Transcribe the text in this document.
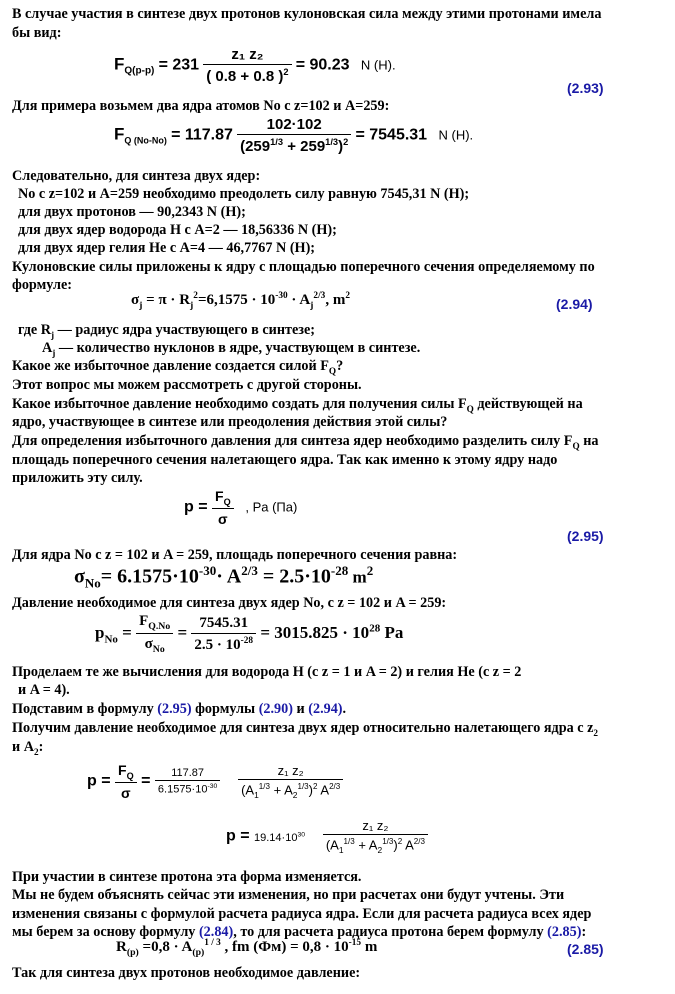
В случае участия в синтезе двух протонов кулоновская сила между этими протонами имела
бы вид:
$F_{Q(p-p)} = 231 \frac{\text{z₁ z₂}}{( 0.8 + 0.8 )^2} = 90.23$ N (H).
(2.93)
Для примера возьмем два ядра атомов No с z=102 и A=259:
$F_{Q (No-No)} = 117.87 \frac{102\cdot 102}{(259^{1/3} + 259^{1/3})^2} = 7545.31$ N (H).
Следовательно, для синтеза двух ядер:
No с z=102 и A=259 необходимо преодолеть силу равную 7545,31 N (Н);
для двух протонов — 90,2343 N (Н);
для двух ядер водорода H с A=2 — 18,56336 N (Н);
для двух ядер гелия He с A=4 — 46,7767 N (Н);
Кулоновские силы приложены к ядру с площадью поперечного сечения определяемому по
формуле:
$\sigma_j = \pi \cdot R_j^2=6,1575 \cdot 10^{-30} \cdot A_j^{2/3}$, $m^2$	(2.94)
где $R_j$ — радиус ядра участвующего в синтезе;
$A_j$ — количество нуклонов в ядре, участвующем в синтезе.
Какое же избыточное давление создается силой $F_Q$?
Этот вопрос мы можем рассмотреть с другой стороны.
Какое избыточное давление необходимо создать для получения силы $F_Q$ действующей на
ядро, участвующее в синтезе или преодоления действия этой силы?
Для определения избыточного давления для синтеза ядер необходимо разделить силу $F_Q$ на
площадь поперечного сечения налетающего ядра. Так как именно к этому ядру надо
приложить эту силу.
$p = \frac{F_Q}{\sigma}$ , Pa (Па)
(2.95)
Для ядра No с z = 102 и A = 259, площадь поперечного сечения равна:
$\sigma_{No}= 6.1575\cdot 10^{-30}\cdot A^{2/3} = 2.5\cdot 10^{-28}$ $m^2$
Давление необходимое для синтеза двух ядер No, с z = 102 и A = 259:
$p_{No} = \frac{F_{Q.No}}{\sigma_{No}} = \frac{7545.31}{2.5 \cdot 10^{-28}} = 3015.825 \cdot 10^{28}$ Pa
Проделаем те же вычисления для водорода H (с z = 1 и A = 2) и гелия He (с z = 2
и A = 4).
Подставим в формулу (2.95) формулы (2.90) и (2.94).
Получим давление необходимое для синтеза двух ядер относительно налетающего ядра с $z_2$
и $A_2$:
$p = \frac{F_Q}{\sigma} = \frac{117.87}{6.1575\cdot 10^{-30}}$
$\frac{\text{z₁ z₂}}{(A_1^{1/3} + A_2^{1/3})^2 A^{2/3}}$
$p = 19.14\cdot 10^{30} \frac{\text{z₁ z₂}}{(A_1^{1/3} + A_2^{1/3})^2 A^{2/3}}$
При участии в синтезе протона эта форма изменяется.
Мы не будем объяснять сейчас эти изменения, но при расчетах они будут учтены. Эти
изменения связаны с формулой расчета радиуса ядра. Если для расчета радиуса всех ядер
мы берем за основу формулу (2.84), то для расчета радиуса протона берем формулу (2.85):
$R_{(p)} =0,8 \cdot A_{(p)}^{1 / 3}$ , fm $(Фм) = 0,8 \cdot 10^{-15}$ m	(2.85)
Так для синтеза двух протонов необходимое давление:
